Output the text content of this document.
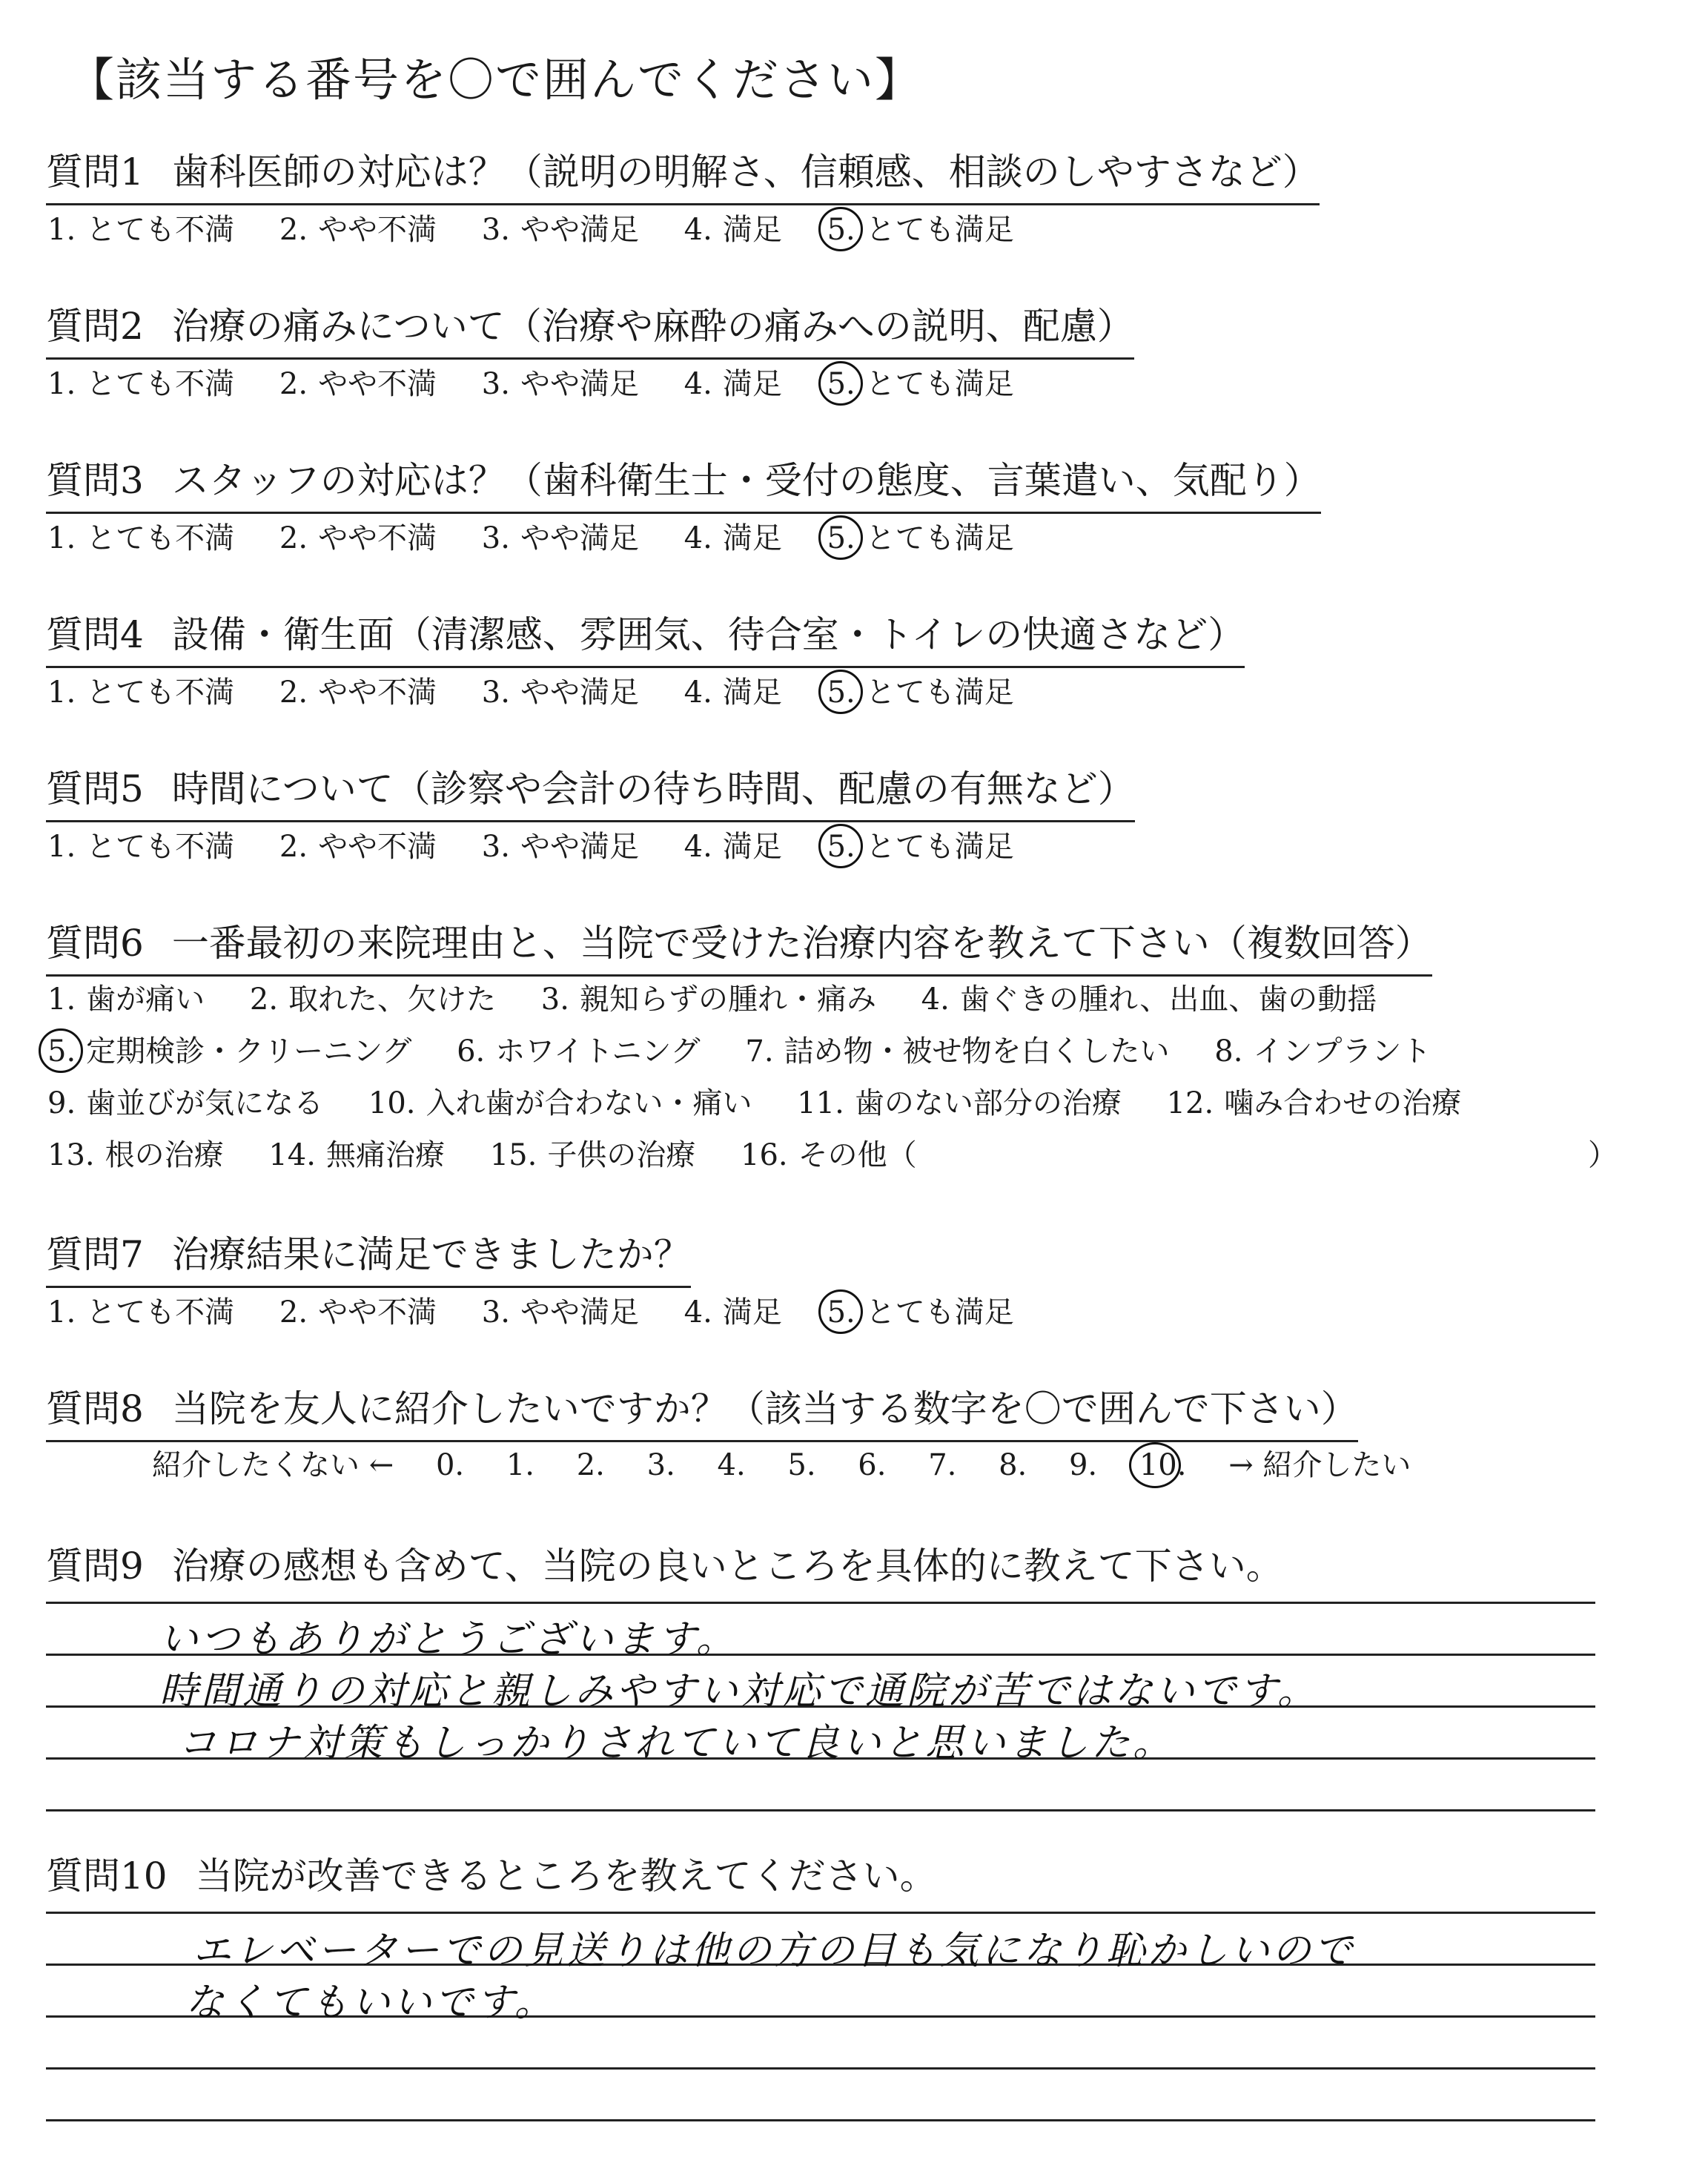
【該当する番号を〇で囲んでください】
質問1 歯科医師の対応は？（説明の明解さ、信頼感、相談のしやすさなど）
1. とても不満 2. やや不満 3. やや満足 4. 満足 5. とても満足
質問2 治療の痛みについて（治療や麻酔の痛みへの説明、配慮）
1. とても不満 2. やや不満 3. やや満足 4. 満足 5. とても満足
質問3 スタッフの対応は？（歯科衛生士・受付の態度、言葉遣い、気配り）
1. とても不満 2. やや不満 3. やや満足 4. 満足 5. とても満足
質問4 設備・衛生面（清潔感、雰囲気、待合室・トイレの快適さなど）
1. とても不満 2. やや不満 3. やや満足 4. 満足 5. とても満足
質問5 時間について（診察や会計の待ち時間、配慮の有無など）
1. とても不満 2. やや不満 3. やや満足 4. 満足 5. とても満足
質問6 一番最初の来院理由と、当院で受けた治療内容を教えて下さい（複数回答）
1. 歯が痛い 2. 取れた、欠けた 3. 親知らずの腫れ・痛み 4. 歯ぐきの腫れ、出血、歯の動揺
5. 定期検診・クリーニング 6. ホワイトニング 7. 詰め物・被せ物を白くしたい 8. インプラント
9. 歯並びが気になる 10. 入れ歯が合わない・痛い 11. 歯のない部分の治療 12. 噛み合わせの治療
13. 根の治療 14. 無痛治療 15. 子供の治療 16. その他（	）
質問7 治療結果に満足できましたか？
1. とても不満 2. やや不満 3. やや満足 4. 満足 5. とても満足
質問8 当院を友人に紹介したいですか？（該当する数字を〇で囲んで下さい）
紹介したくない ← 0. 1. 2. 3. 4. 5. 6. 7. 8. 9. 10. → 紹介したい
質問9 治療の感想も含めて、当院の良いところを具体的に教えて下さい。
いつもありがとうございます。
時間通りの対応と親しみやすい対応で通院が苦ではないです。
コロナ対策もしっかりされていて良いと思いました。
質問10 当院が改善できるところを教えてください。
エレベーターでの見送りは他の方の目も気になり恥かしいので
なくてもいいです。
